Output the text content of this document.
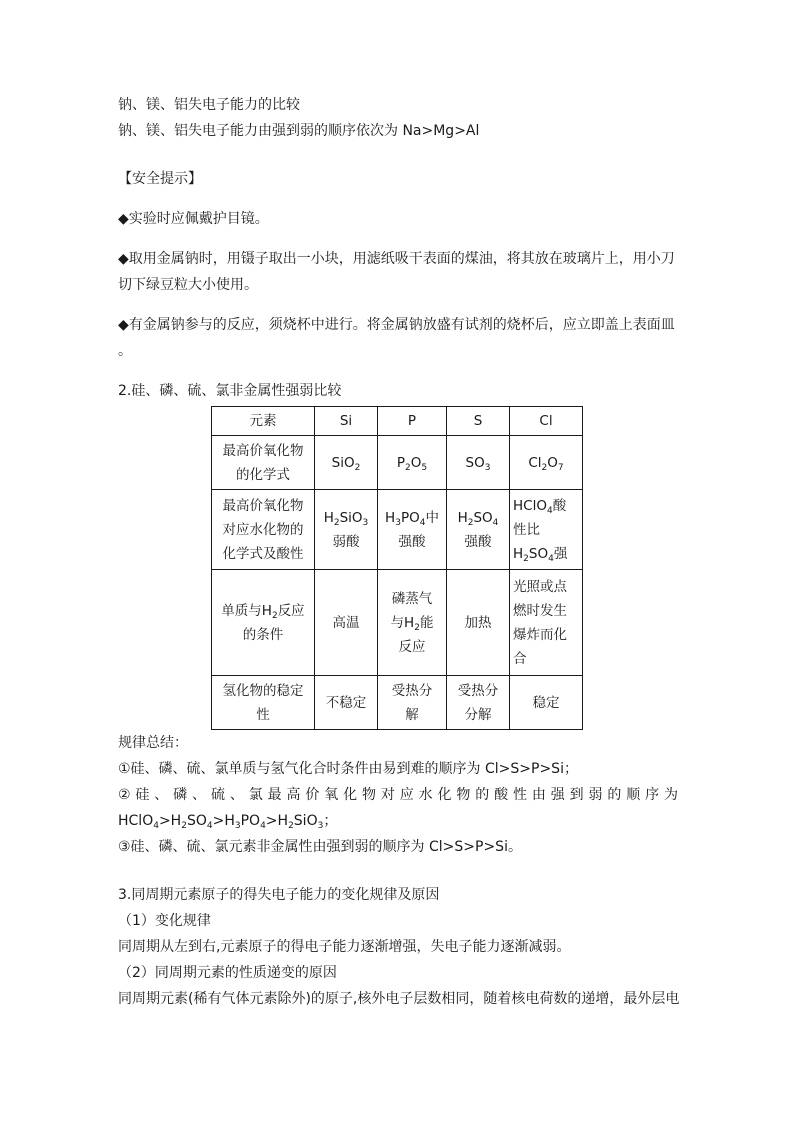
钠、镁、铝失电子能力的比较

钠、镁、铝失电子能力由强到弱的顺序依次为 Na>Mg>Al

【安全提示】

◆实验时应佩戴护目镜。

◆取用金属钠时，用镊子取出一小块，用滤纸吸干表面的煤油，将其放在玻璃片上，用小刀

切下绿豆粒大小使用。

◆有金属钠参与的反应，须烧杯中进行。将金属钠放盛有试剂的烧杯后，应立即盖上表面皿

。

2.硅、磷、硫、氯非金属性强弱比较

元素	Si	P	S	Cl
最高价氧化物
的化学式	SiO$_2$	$P_2O_5$	$SO_3$	$Cl_2O_7$
最高价氧化物
对应水化物的
化学式及酸性	$H_2SiO_3$
弱酸	$H_3PO_4$中
强酸	$H_2SO_4$
强酸	HClO$_4$酸
性比
$H_2SO_4$强
单质与$H_2$反应
的条件	高温	磷蒸气
与$H_2$能
反应	加热	光照或点
燃时发生
爆炸而化
合
氢化物的稳定
性	不稳定	受热分
解	受热分
分解	稳定

规律总结：

①硅、磷、硫、氯单质与氢气化合时条件由易到难的顺序为 Cl>S>P>Si；

② 硅 、 磷 、 硫 、 氯 最 高 价 氧 化 物 对 应 水 化 物 的 酸 性 由 强 到 弱 的 顺 序 为

$HClO_4>H_2SO_4>H_3PO_4>H_2SiO_3$；

③硅、磷、硫、氯元素非金属性由强到弱的顺序为 Cl>S>P>Si。

3.同周期元素原子的得失电子能力的变化规律及原因

（1）变化规律

同周期从左到右,元素原子的得电子能力逐渐增强，失电子能力逐渐减弱。

（2）同周期元素的性质递变的原因

同周期元素(稀有气体元素除外)的原子,核外电子层数相同，随着核电荷数的递增，最外层电
